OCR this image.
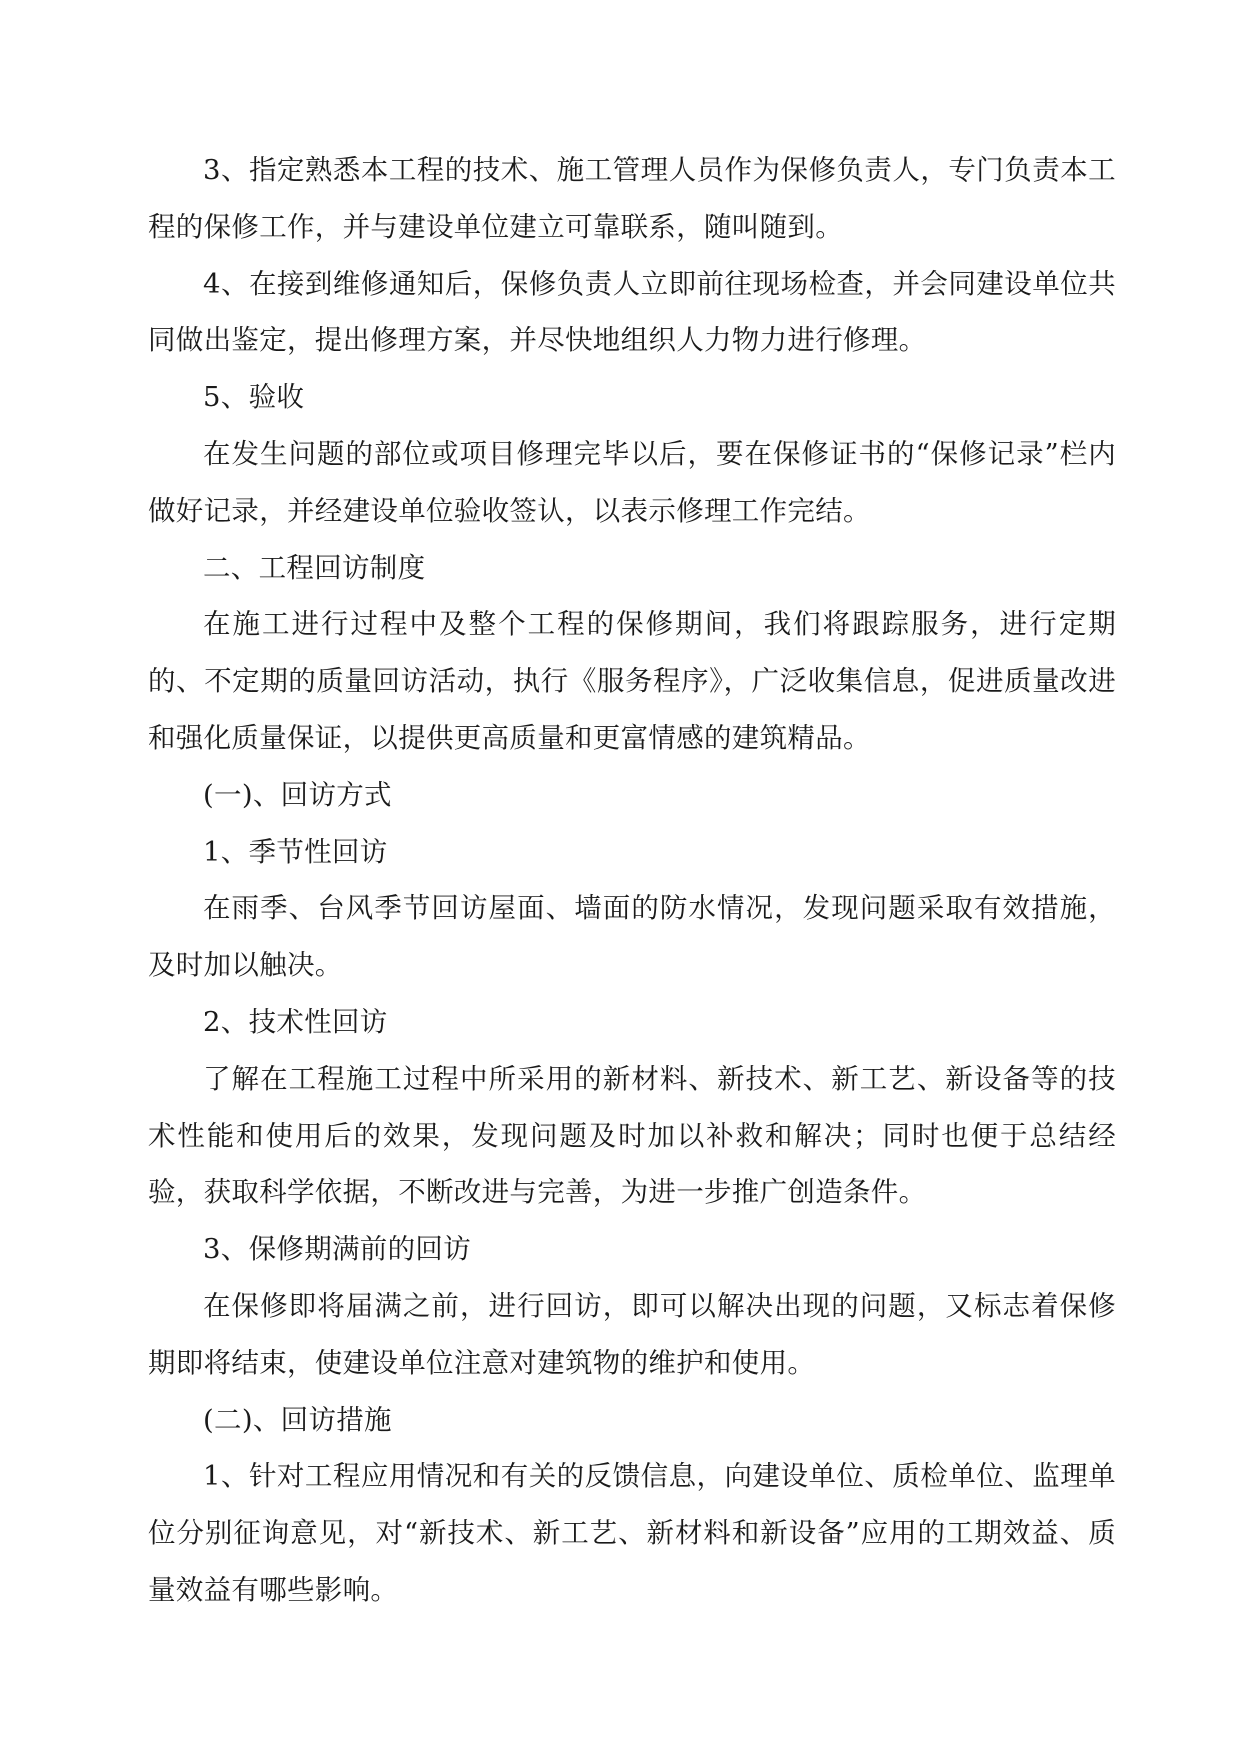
3、指定熟悉本工程的技术、施工管理人员作为保修负责人，专门负责本工程的保修工作，并与建设单位建立可靠联系，随叫随到。

4、在接到维修通知后，保修负责人立即前往现场检查，并会同建设单位共同做出鉴定，提出修理方案，并尽快地组织人力物力进行修理。

5、验收

在发生问题的部位或项目修理完毕以后，要在保修证书的“保修记录”栏内做好记录，并经建设单位验收签认，以表示修理工作完结。

二、工程回访制度

在施工进行过程中及整个工程的保修期间，我们将跟踪服务，进行定期的、不定期的质量回访活动，执行《服务程序》，广泛收集信息，促进质量改进和强化质量保证，以提供更高质量和更富情感的建筑精品。

(一)、回访方式

1、季节性回访

在雨季、台风季节回访屋面、墙面的防水情况，发现问题采取有效措施，及时加以触决。

2、技术性回访

了解在工程施工过程中所采用的新材料、新技术、新工艺、新设备等的技术性能和使用后的效果，发现问题及时加以补救和解决；同时也便于总结经验，获取科学依据，不断改进与完善，为进一步推广创造条件。

3、保修期满前的回访

在保修即将届满之前，进行回访，即可以解决出现的问题，又标志着保修期即将结束，使建设单位注意对建筑物的维护和使用。

(二)、回访措施

1、针对工程应用情况和有关的反馈信息，向建设单位、质检单位、监理单位分别征询意见，对“新技术、新工艺、新材料和新设备”应用的工期效益、质量效益有哪些影响。
